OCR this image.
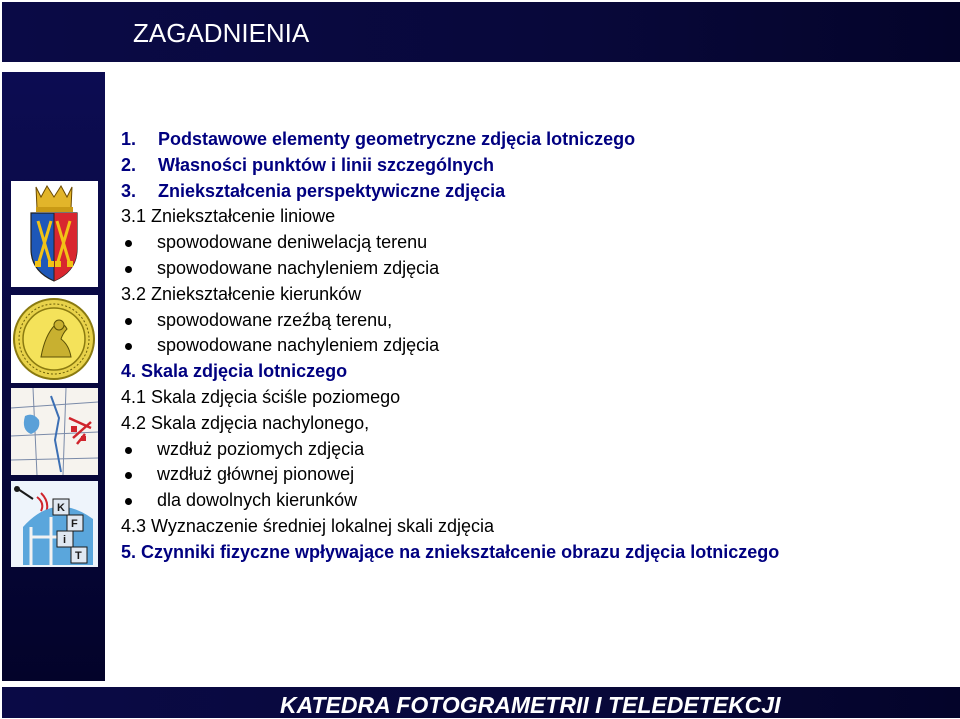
ZAGADNIENIA
K
F
i
T
1. Podstawowe elementy geometryczne zdjęcia lotniczego
2. Własności punktów i linii szczególnych
3. Zniekształcenia perspektywiczne zdjęcia
3.1 Zniekształcenie liniowe
spowodowane deniwelacją terenu
spowodowane nachyleniem zdjęcia
3.2 Zniekształcenie kierunków
spowodowane rzeźbą terenu,
spowodowane nachyleniem zdjęcia
4. Skala zdjęcia lotniczego
4.1 Skala zdjęcia ściśle poziomego
4.2 Skala zdjęcia nachylonego,
wzdłuż poziomych zdjęcia
wzdłuż głównej pionowej
dla dowolnych kierunków
4.3 Wyznaczenie średniej lokalnej skali zdjęcia
5. Czynniki fizyczne wpływające na zniekształcenie obrazu zdjęcia lotniczego
KATEDRA FOTOGRAMETRII I TELEDETEKCJI
